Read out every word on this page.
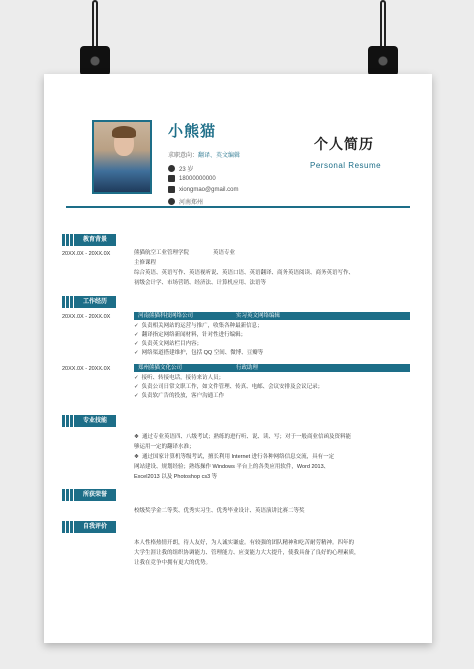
小熊猫
求职意向：翻译、英文编辑
23 岁
18000000000
xiongmao@gmail.com
河南郑州
个人简历
Personal Resume
教育背景
20XX.0X - 20XX.0X	熊猫航空工业管理学院	英语专业
主修课程
综合英语、英语写作、英语视听说、英语口语、英语翻译、商务英语阅读、商务英语写作、
初级会计学、市场营销、经济法、计算机应用、法语等
工作经历
20XX.0X - 20XX.0X	河南熊猫科技网络公司	实习英文网络编辑
✓ 负责相关网站的运营与推广，收集各种最新信息；
✓ 翻译指定网络新闻材料，针对性进行编辑；
✓ 负责英文网站栏目内容；
✓ 网络渠道搭建维护，包括 QQ 空间、微博、豆瓣等
20XX.0X - 20XX.0X	郑州熊猫文化公司	行政助理
✓ 接听、转接电话，接待来访人员；
✓ 负责公司日常文职工作，如文件管理、传真、电邮、会议安排及会议记录；
✓ 负责软广告的投放，客户沟通工作
专业技能
❖ 通过专业英语四、八级考试；熟练的进行听、说、读、写；对于一般商业信函及资料能
够运用一定的翻译水准；
❖ 通过国家计算机等级考试，擅长利用 Internet 进行各种网络信息交流，具有一定
网站建设、规划经验；熟练操作 Windows 平台上的各类应用软件，Word 2013、
Excel2013 以及 Photoshop cs3 等
所获荣誉
校级奖学金二等奖、优秀实习生、优秀毕业设计、英语演讲比赛二等奖
自我评价
本人性格热情开朗，待人友好，为人诚实谦虚。有较强的团队精神和吃苦耐劳精神。四年的
大学生涯让我的组织协调能力、管理能力、应变能力大大提升，使我具备了良好的心理素质，
让我在竞争中拥有更大的优势。
